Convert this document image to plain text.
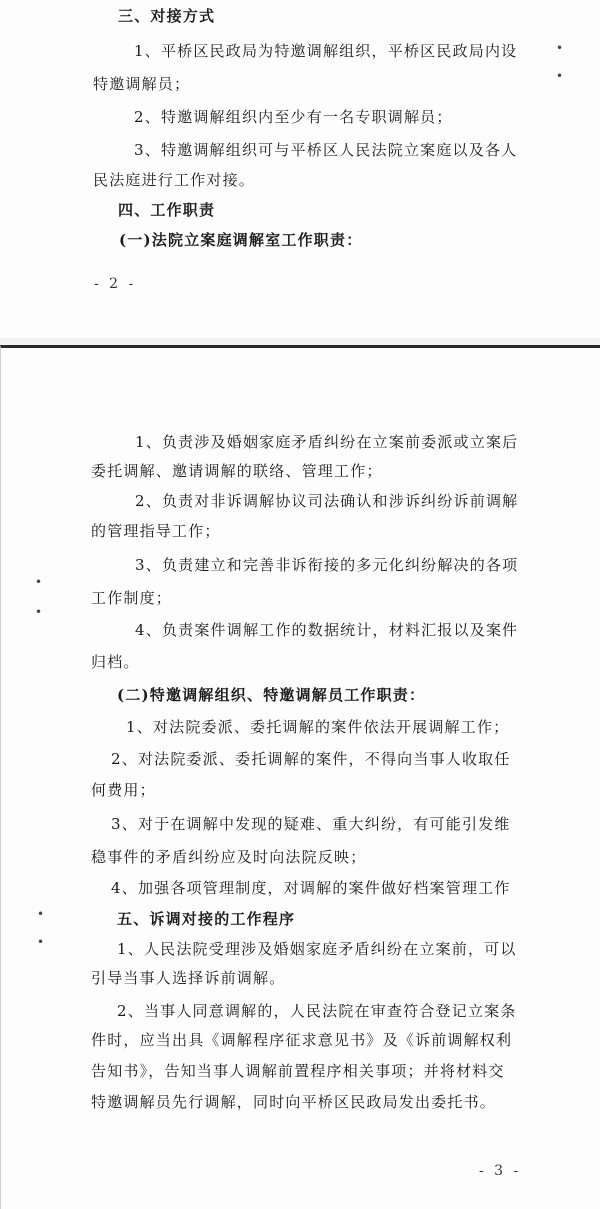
三、对接方式
1、平桥区民政局为特邀调解组织，平桥区民政局内设
特邀调解员；
2、特邀调解组织内至少有一名专职调解员；
3、特邀调解组织可与平桥区人民法院立案庭以及各人
民法庭进行工作对接。
四、工作职责
(一)法院立案庭调解室工作职责：
- 2 -
•
•
1、负责涉及婚姻家庭矛盾纠纷在立案前委派或立案后
委托调解、邀请调解的联络、管理工作；
2、负责对非诉调解协议司法确认和涉诉纠纷诉前调解
的管理指导工作；
3、负责建立和完善非诉衔接的多元化纠纷解决的各项
工作制度；
4、负责案件调解工作的数据统计，材料汇报以及案件
归档。
(二)特邀调解组织、特邀调解员工作职责：
1、对法院委派、委托调解的案件依法开展调解工作；
2、对法院委派、委托调解的案件，不得向当事人收取任
何费用；
3、对于在调解中发现的疑难、重大纠纷，有可能引发维
稳事件的矛盾纠纷应及时向法院反映；
4、加强各项管理制度，对调解的案件做好档案管理工作
五、诉调对接的工作程序
1、人民法院受理涉及婚姻家庭矛盾纠纷在立案前，可以
引导当事人选择诉前调解。
2、当事人同意调解的，人民法院在审查符合登记立案条
件时，应当出具《调解程序征求意见书》及《诉前调解权利
告知书》，告知当事人调解前置程序相关事项；并将材料交
特邀调解员先行调解，同时向平桥区民政局发出委托书。
- 3 -
•
•
•
•
